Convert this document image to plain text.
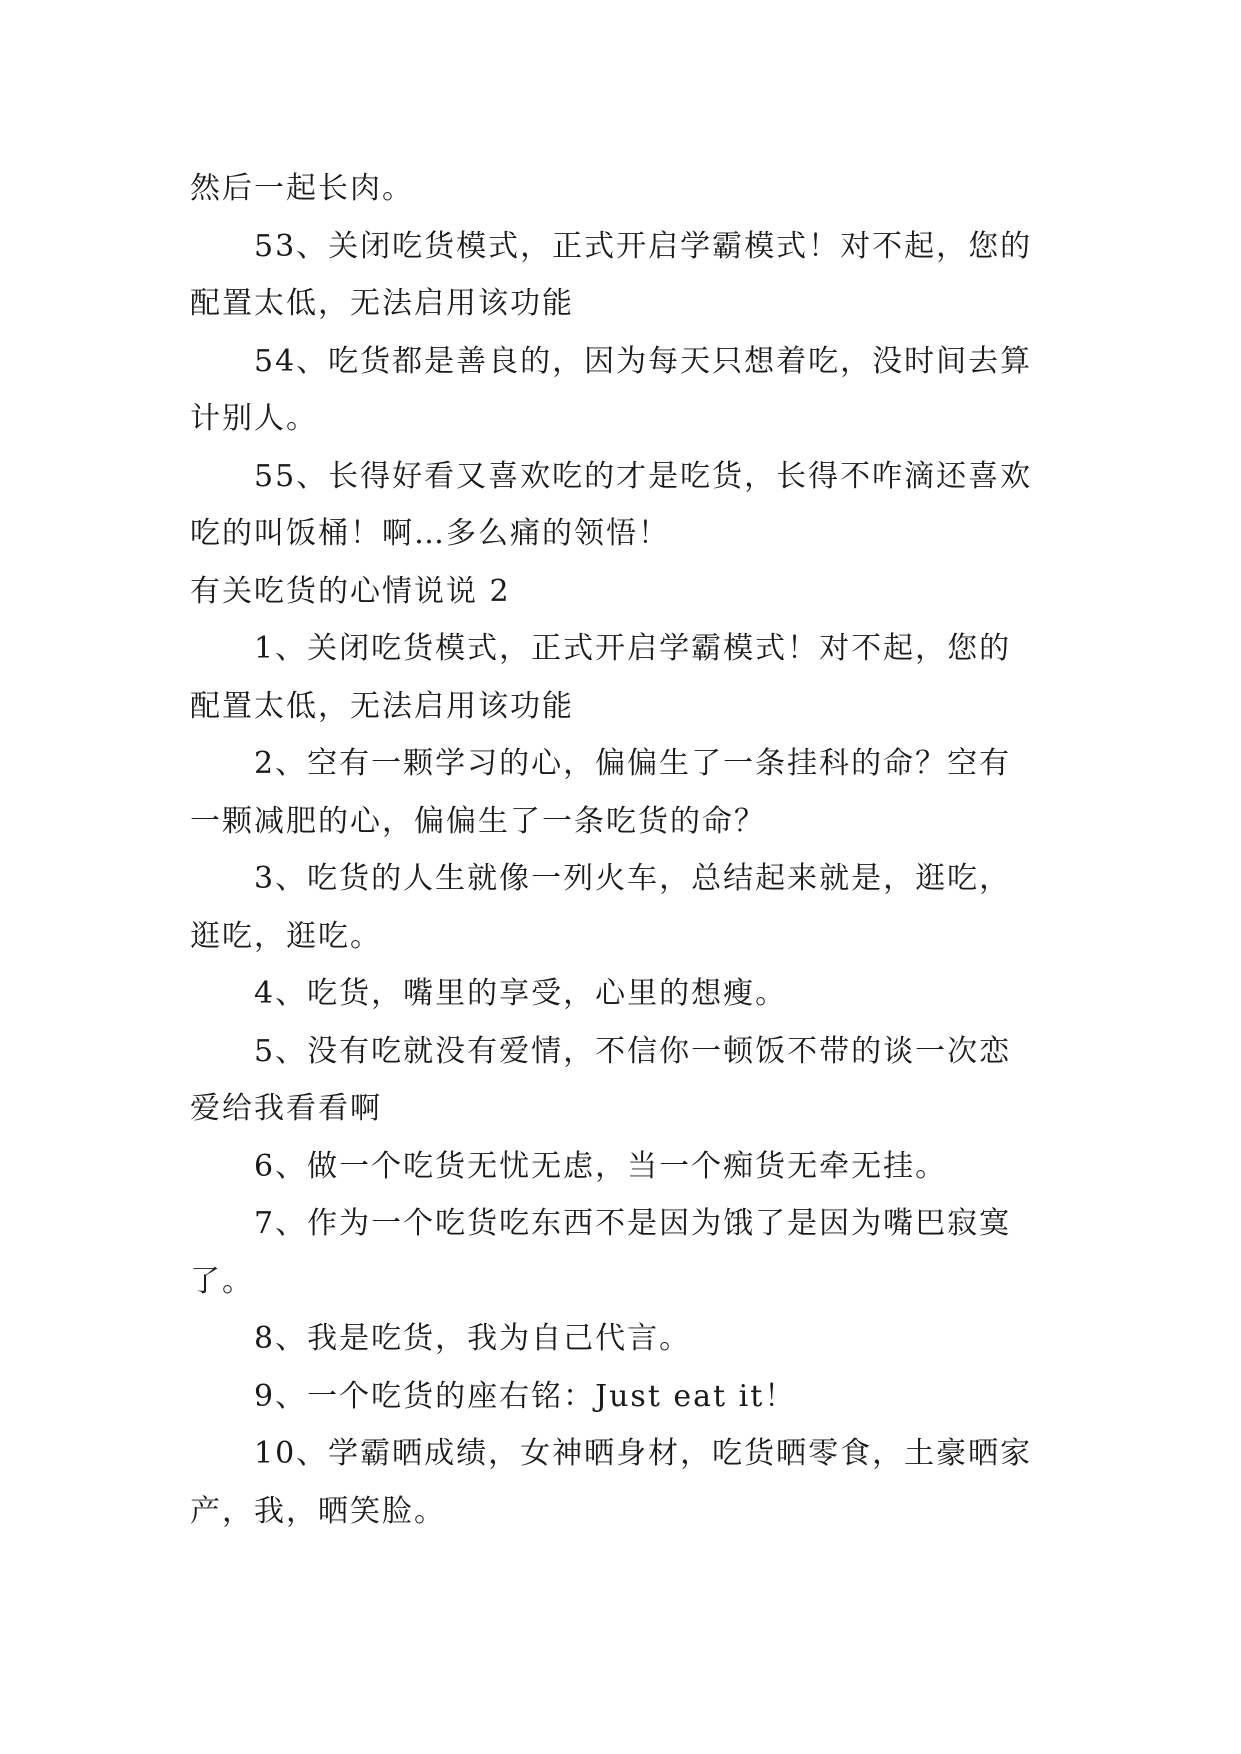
然后一起长肉。
53、关闭吃货模式，正式开启学霸模式！对不起，您的
配置太低，无法启用该功能
54、吃货都是善良的，因为每天只想着吃，没时间去算
计别人。
55、长得好看又喜欢吃的才是吃货，长得不咋滴还喜欢
吃的叫饭桶！啊…多么痛的领悟！
有关吃货的心情说说 2
1、关闭吃货模式，正式开启学霸模式！对不起，您的
配置太低，无法启用该功能
2、空有一颗学习的心，偏偏生了一条挂科的命？空有
一颗减肥的心，偏偏生了一条吃货的命？
3、吃货的人生就像一列火车，总结起来就是，逛吃，
逛吃，逛吃。
4、吃货，嘴里的享受，心里的想瘦。
5、没有吃就没有爱情，不信你一顿饭不带的谈一次恋
爱给我看看啊
6、做一个吃货无忧无虑，当一个痴货无牵无挂。
7、作为一个吃货吃东西不是因为饿了是因为嘴巴寂寞
了。
8、我是吃货，我为自己代言。
9、一个吃货的座右铭：Just eat it！
10、学霸晒成绩，女神晒身材，吃货晒零食，土豪晒家
产，我，晒笑脸。
